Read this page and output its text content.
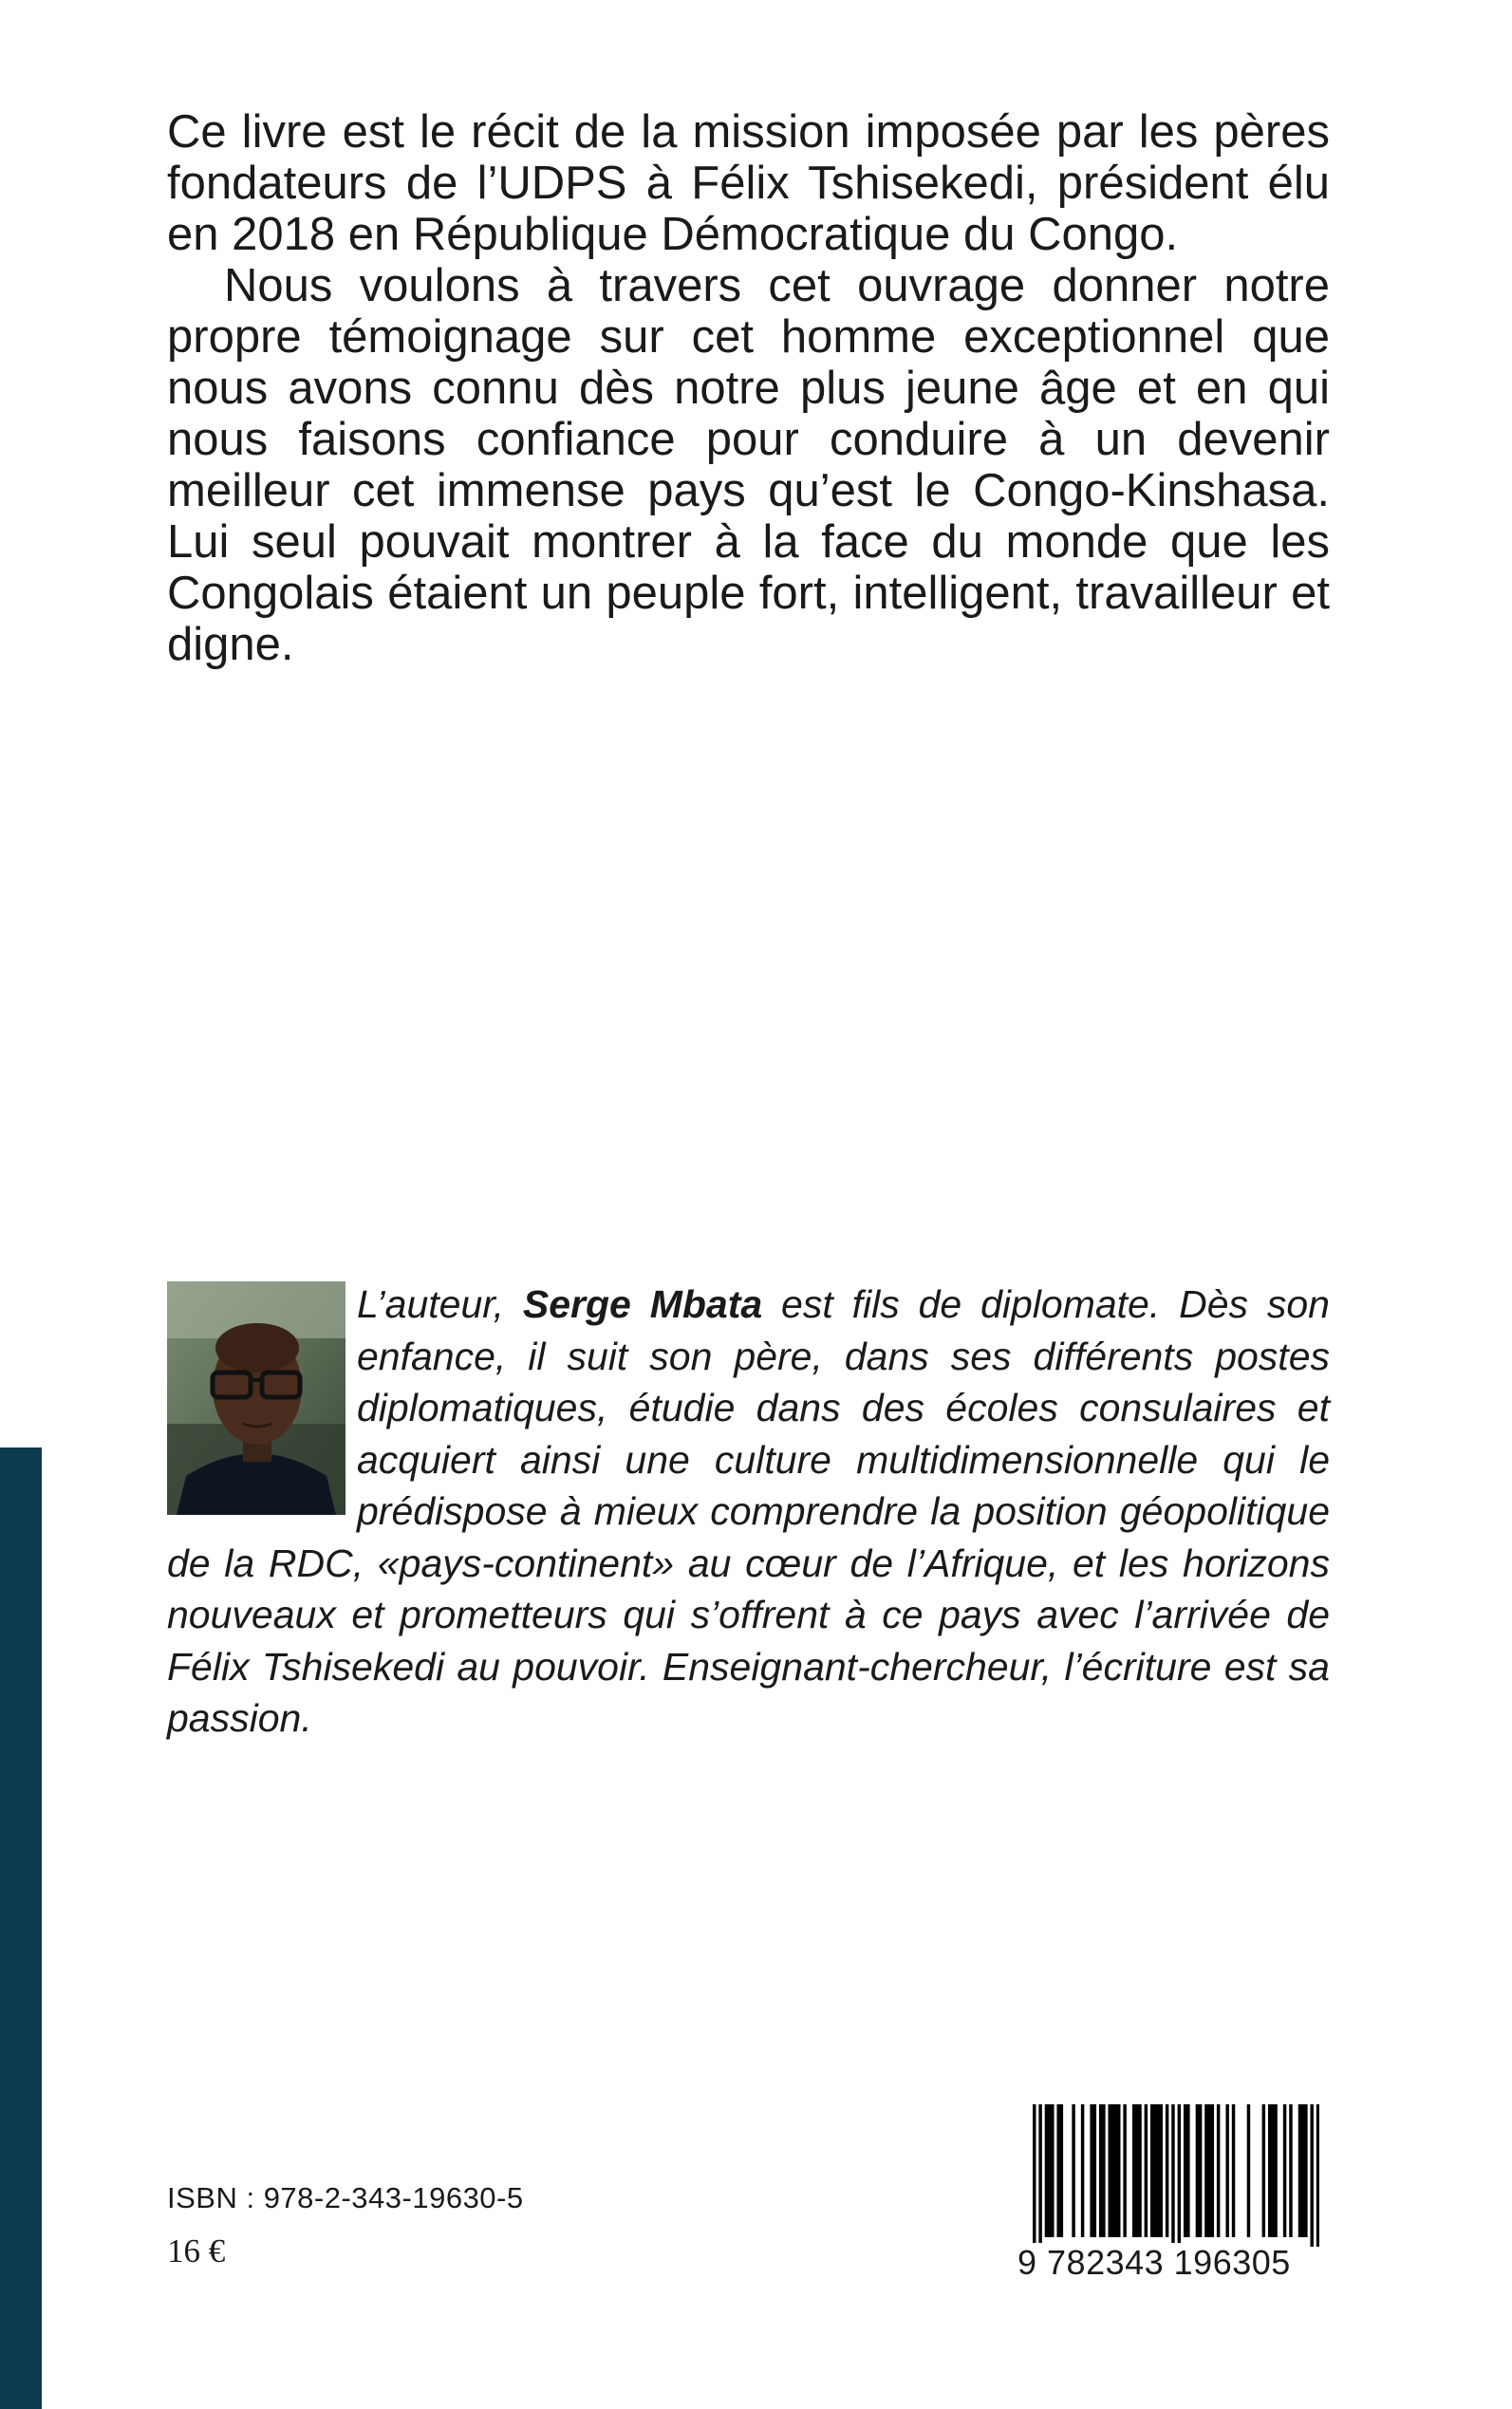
Ce livre est le récit de la mission imposée par les pères fondateurs de l’UDPS à Félix Tshisekedi, président élu en 2018 en République Démocratique du Congo.

Nous voulons à travers cet ouvrage donner notre propre témoignage sur cet homme exceptionnel que nous avons connu dès notre plus jeune âge et en qui nous faisons confiance pour conduire à un devenir meilleur cet immense pays qu’est le Congo-Kinshasa. Lui seul pouvait montrer à la face du monde que les Congolais étaient un peuple fort, intelligent, travailleur et digne.

L’auteur, Serge Mbata est fils de diplomate. Dès son enfance, il suit son père, dans ses différents postes diplomatiques, étudie dans des écoles consulaires et acquiert ainsi une culture multidimensionnelle qui le prédispose à mieux comprendre la position géopolitique de la RDC, «pays-continent» au cœur de l’Afrique, et les horizons nouveaux et prometteurs qui s’offrent à ce pays avec l’arrivée de Félix Tshisekedi au pouvoir. Enseignant-chercheur, l’écriture est sa passion.

ISBN : 978-2-343-19630-5
16 €	9 782343 196305
